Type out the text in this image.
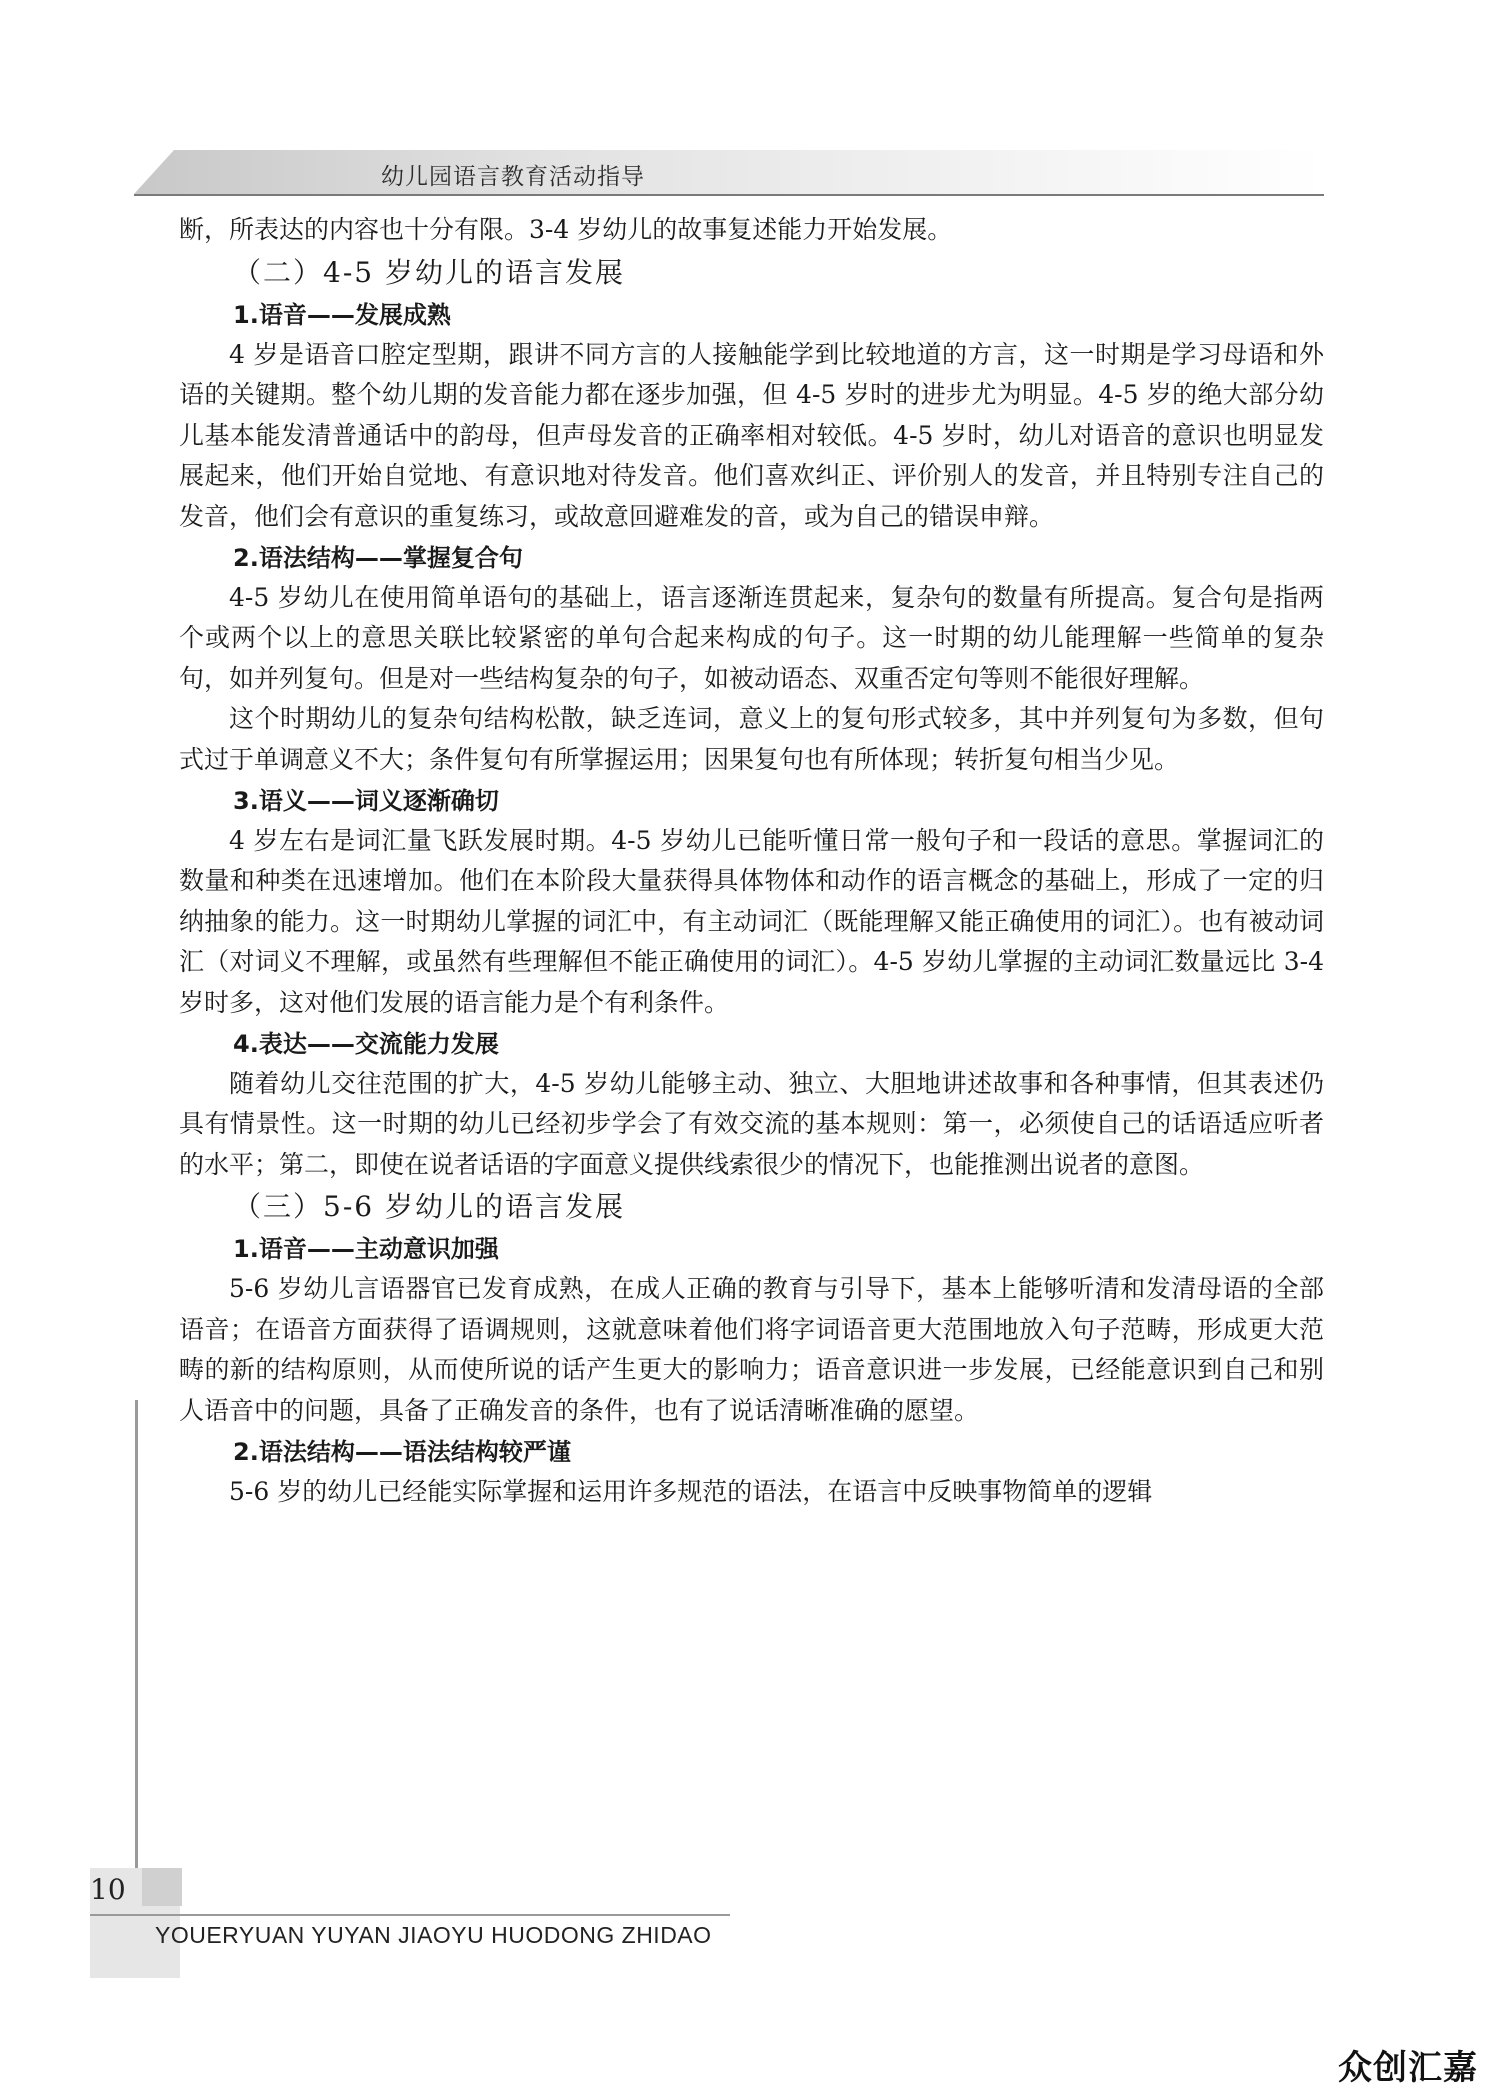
幼儿园语言教育活动指导

断，所表达的内容也十分有限。3-4 岁幼儿的故事复述能力开始发展。

（二）4-5 岁幼儿的语言发展
1.语音——发展成熟

4 岁是语音口腔定型期，跟讲不同方言的人接触能学到比较地道的方言，这一时期是学习母语和外语的关键期。整个幼儿期的发音能力都在逐步加强，但 4-5 岁时的进步尤为明显。4-5 岁的绝大部分幼儿基本能发清普通话中的韵母，但声母发音的正确率相对较低。4-5 岁时，幼儿对语音的意识也明显发展起来，他们开始自觉地、有意识地对待发音。他们喜欢纠正、评价别人的发音，并且特别专注自己的发音，他们会有意识的重复练习，或故意回避难发的音，或为自己的错误申辩。

2.语法结构——掌握复合句

4-5 岁幼儿在使用简单语句的基础上，语言逐渐连贯起来，复杂句的数量有所提高。复合句是指两个或两个以上的意思关联比较紧密的单句合起来构成的句子。这一时期的幼儿能理解一些简单的复杂句，如并列复句。但是对一些结构复杂的句子，如被动语态、双重否定句等则不能很好理解。

这个时期幼儿的复杂句结构松散，缺乏连词，意义上的复句形式较多，其中并列复句为多数，但句式过于单调意义不大；条件复句有所掌握运用；因果复句也有所体现；转折复句相当少见。

3.语义——词义逐渐确切

4 岁左右是词汇量飞跃发展时期。4-5 岁幼儿已能听懂日常一般句子和一段话的意思。掌握词汇的数量和种类在迅速增加。他们在本阶段大量获得具体物体和动作的语言概念的基础上，形成了一定的归纳抽象的能力。这一时期幼儿掌握的词汇中，有主动词汇（既能理解又能正确使用的词汇）。也有被动词汇（对词义不理解，或虽然有些理解但不能正确使用的词汇）。4-5 岁幼儿掌握的主动词汇数量远比 3-4 岁时多，这对他们发展的语言能力是个有利条件。

4.表达——交流能力发展

随着幼儿交往范围的扩大，4-5 岁幼儿能够主动、独立、大胆地讲述故事和各种事情，但其表述仍具有情景性。这一时期的幼儿已经初步学会了有效交流的基本规则：第一，必须使自己的话语适应听者的水平；第二，即使在说者话语的字面意义提供线索很少的情况下，也能推测出说者的意图。

（三）5-6 岁幼儿的语言发展
1.语音——主动意识加强

5-6 岁幼儿言语器官已发育成熟，在成人正确的教育与引导下，基本上能够听清和发清母语的全部语音；在语音方面获得了语调规则，这就意味着他们将字词语音更大范围地放入句子范畴，形成更大范畴的新的结构原则，从而使所说的话产生更大的影响力；语音意识进一步发展，已经能意识到自己和别人语音中的问题，具备了正确发音的条件，也有了说话清晰准确的愿望。

2.语法结构——语法结构较严谨

5-6 岁的幼儿已经能实际掌握和运用许多规范的语法，在语言中反映事物简单的逻辑

10
YOUERYUAN YUYAN JIAOYU HUODONG ZHIDAO
众创汇嘉
